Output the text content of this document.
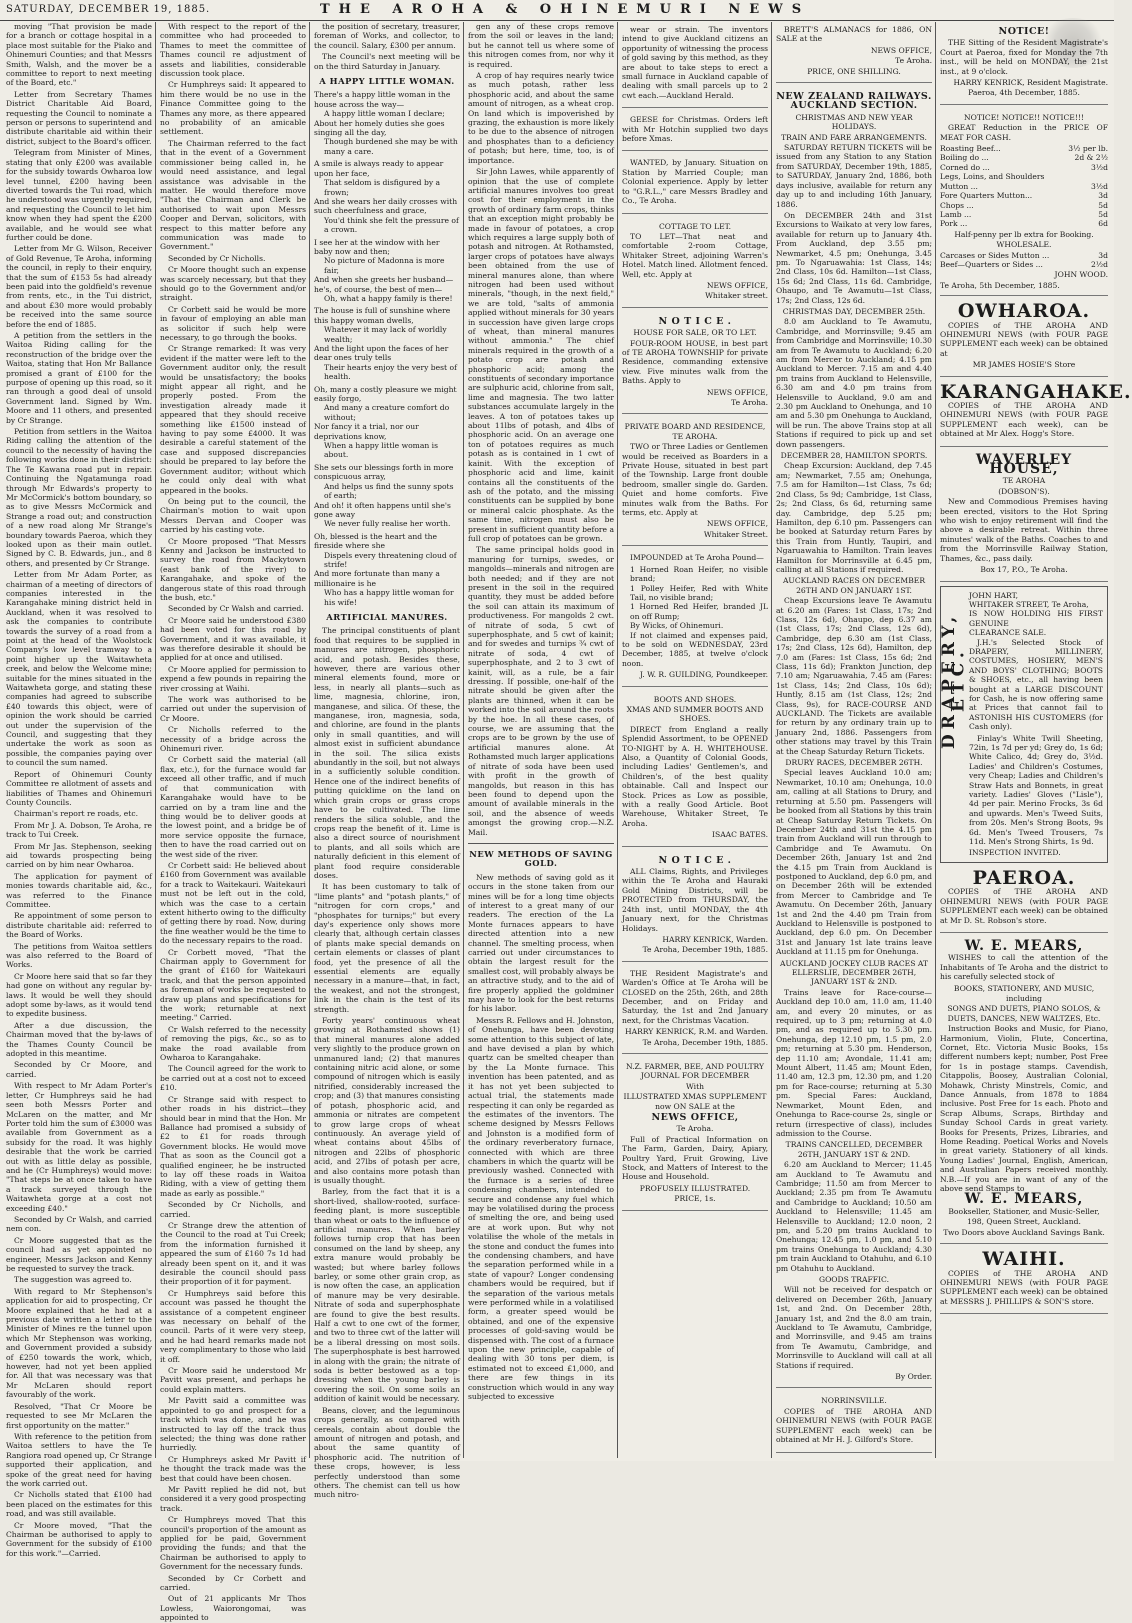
SATURDAY, DECEMBER 19, 1885.	THE AROHA & OHINEMURI NEWS

moving "That provision be made for a branch or cottage hospital in a place most suitable for the Piako and Ohinemuri Counties; and that Messrs Smith, Walsh, and the mover be a committee to report to next meeting of the Board, etc."

Letter from Secretary Thames District Charitable Aid Board, requesting the Council to nominate a person or persons to superintend and distribute charitable aid within their district, subject to the Board's officer.

Telegram from Minister of Mines, stating that only £200 was available for the subsidy towards Owharoa low level tunnel, £200 having been diverted towards the Tui road, which he understood was urgently required, and requesting the Council to let him know when they had spent the £200 available, and he would see what further could be done.

Letter from Mr G. Wilson, Receiver of Gold Revenue, Te Aroha, informing the council, in reply to their enquiry, that the sum of £153 5s had already been paid into the goldfield's revenue from rents, etc., in the Tui district, and about £30 more would probably be received into the same source before the end of 1885.

A petition from the settlers in the Waitoa Riding calling for the reconstruction of the bridge over the Waitoa, stating that Hon Mr Ballance promised a grant of £100 for the purpose of opening up this road, so it ran through a good deal of unsold Government land. Signed by Wm. Moore and 11 others, and presented by Cr Strange.

Petition from settlers in the Waitoa Riding calling the attention of the council to the necessity of having the following works done in their district: The Te Kawana road put in repair. Continuing the Ngatamunga road through Mr Edwards's property to Mr McCormick's bottom boundary, so as to give Messrs McCormick and Strange a road out; and construction of a new road along Mr Strange's boundary towards Paeroa, which they looked upon as their main outlet. Signed by C. B. Edwards, jun., and 8 others, and presented by Cr Strange.

Letter from Mr Adam Porter, as chairman of a meeting of directors of companies interested in the Karangahake mining district held in Auckland, when it was resolved to ask the companies to contribute towards the survey of a road from a point at the head of the Woolstock Company's low level tramway to a point higher up the Waitawheta creek, and below the Welcome mine; suitable for the mines situated in the Waitawheta gorge, and stating these companies had agreed to subscribe £40 towards this object, were of opinion the work should be carried out under the supervision of the Council, and suggesting that they undertake the work as soon as possible, the companies paying over to council the sum named.

Report of Ohinemuri County Committee re allotment of assets and liabilities of Thames and Ohinemuri County Councils.

Chairman's report re roads, etc.

From Mr J. A. Dobson, Te Aroha, re track to Tui Creek.

From Mr Jas. Stephenson, seeking aid towards prospecting being carried on by him near Owharoa.

The application for payment of monies towards charitable aid, &c., was referred to the Finance Committee.

Re appointment of some person to distribute charitable aid: referred to the Board of Works.

The petitions from Waitoa settlers was also referred to the Board of Works.

Cr Moore here said that so far they had gone on without any regular by-laws. It would be well they should adopt some by-laws, as it would tend to expedite business.

After a due discussion, the Chairman moved that the by-laws of the Thames County Council be adopted in this meantime.

Seconded by Cr Moore, and carried.

With respect to Mr Adam Porter's letter, Cr Humphreys said he had seen both Messrs Porter and McLaren on the matter, and Mr Porter told him the sum of £3000 was available from Government as a subsidy for the road. It was highly desirable that the work be carried out with as little delay as possible, and he (Cr Humphreys) would move: "That steps be at once taken to have a track surveyed through the Waitawheta gorge at a cost not exceeding £40."

Seconded by Cr Walsh, and carried nem con.

Cr Moore suggested that as the council had as yet appointed no engineer, Messrs Jackson and Kenny be requested to survey the track.

The suggestion was agreed to.

With regard to Mr Stephenson's application for aid to prospecting, Cr Moore explained that he had at a previous date written a letter to the Minister of Mines re the tunnel upon which Mr Stephenson was working, and Government provided a subsidy of £250 towards the work, which, however, had not yet been applied for. All that was necessary was that Mr McLaren should report favourably of the work.

Resolved, "That Cr Moore be requested to see Mr McLaren the first opportunity on the matter."

With reference to the petition from Waitoa settlers to have the Te Rangiora road opened up, Cr Strange supported their application, and spoke of the great need for having the work carried out.

Cr Nicholls stated that £100 had been placed on the estimates for this road, and was still available.

Cr Moore moved, "That the Chairman be authorised to apply to Government for the subsidy of £100 for this work."—Carried.

With respect to the report of the committee who had proceeded to Thames to meet the committee of Thames council re adjustment of assets and liabilities, considerable discussion took place.

Cr Humphreys said: It appeared to him there would be no use in the Finance Committee going to the Thames any more, as there appeared no probability of an amicable settlement.

The Chairman referred to the fact that in the event of a Government commissioner being called in, he would need assistance, and legal assistance was advisable in the matter. He would therefore move "That the Chairman and Clerk be authorised to wait upon Messrs Cooper and Dervan, solicitors, with respect to this matter before any communication was made to Government."

Seconded by Cr Nicholls.

Cr Moore thought such an expense was scarcely necessary, but that they should go to the Government and/or straight.

Cr Corbett said he would be more in favour of employing an able man as solicitor if such help were necessary, to go through the books.

Cr Strange remarked: It was very evident if the matter were left to the Government auditor only, the result would be unsatisfactory; the books might appear all right, and he properly posted. From the investigation already made it appeared that they should receive something like £1500 instead of having to pay some £4000. It was desirable a careful statement of the case and supposed discrepancies should be prepared to lay before the Government auditor; without which he could only deal with what appeared in the books.

On being put to the council, the Chairman's motion to wait upon Messrs Dervan and Cooper was carried by his casting vote.

Cr Moore proposed "That Messrs Kenny and Jackson be instructed to survey the road from Mackytown (east bank of the river) to Karangahake, and spoke of the dangerous state of this road through the bush, etc."

Seconded by Cr Walsh and carried.

Cr Moore said he understood £380 had been voted for this road by Government, and it was available, it was therefore desirable it should be applied for at once and utilised.

Cr Moore applied for permission to expend a few pounds in repairing the river crossing at Waihi.

The work was authorised to be carried out under the supervision of Cr Moore.

Cr Nicholls referred to the necessity of a bridge across the Ohinemuri river.

Cr Corbett said the material (all flax, etc.), for the furnace would far exceed all other traffic, and if much of that communication with Karangahake would have to be carried on by a tram line and the thing would be to deliver goods at the lowest point, and a bridge be of more service opposite the furnace, then to have the road carried out on the west side of the river.

Cr Corbett said: He believed about £160 from Government was available for a track to Waitekauri. Waitekauri must not be left out in the cold, which was the case to a certain extent hitherto owing to the difficulty of getting there by road. Now, during the fine weather would be the time to do the necessary repairs to the road.

Cr Corbett moved, "That the Chairman apply to Government for the grant of £160 for Waitekauri track, and that the person appointed as foreman of works be requested to draw up plans and specifications for the work; returnable at next meeting." Carried.

Cr Walsh referred to the necessity of removing the pigs, &c., so as to make the road available from Owharoa to Karangahake.

The Council agreed for the work to be carried out at a cost not to exceed £10.

Cr Strange said with respect to other roads in his district—they should bear in mind that the Hon. Mr Ballance had promised a subsidy of £2 to £1 for roads through Government blocks. He would move That as soon as the Council got a qualified engineer, he be instructed to lay off these roads in Waitoa Riding, with a view of getting them made as early as possible."

Seconded by Cr Nicholls, and carried.

Cr Strange drew the attention of the Council to the road at Tui Creek; from the information furnished it appeared the sum of £160 7s 1d had already been spent on it, and it was desirable the council should pass their proportion of it for payment.

Cr Humphreys said before this account was passed he thought the assistance of a competent engineer was necessary on behalf of the council. Parts of it were very steep, and he had heard remarks made not very complimentary to those who laid it off.

Cr Moore said he understood Mr Pavitt was present, and perhaps he could explain matters.

Mr Pavitt said a committee was appointed to go and prospect for a track which was done, and he was instructed to lay off the track thus selected; the thing was done rather hurriedly.

Cr Humphreys asked Mr Pavitt if he thought the track made was the best that could have been chosen.

Mr Pavitt replied he did not, but considered it a very good prospecting track.

Cr Humphreys moved That this council's proportion of the amount as applied for be paid, Government providing the funds; and that the Chairman be authorised to apply to Government for the necessary funds.

Seconded by Cr Corbett and carried.

Out of 21 applicants Mr Thos Lowless, Waiorongomai, was appointed to

the position of secretary, treasurer, foreman of Works, and collector, to the council. Salary, £300 per annum.

The Council's next meeting will be on the third Saturday in January.

A HAPPY LITTLE WOMAN.
There's a happy little woman in the house across the way—
A happy little woman I declare;
About her homely duties she goes singing all the day,
Though burdened she may be with many a care.
A smile is always ready to appear upon her face,
That seldom is disfigured by a frown;
And she wears her daily crosses with such cheerfulness and grace,
You'd think she felt the pressure of a crown.
I see her at the window with her baby now and then;
No picture of Madonna is more fair,
And when she greets her husband—he's, of course, the best of men—
Oh, what a happy family is there!
The house is full of sunshine where this happy woman dwells,
Whatever it may lack of worldly wealth;
And the light upon the faces of her dear ones truly tells
Their hearts enjoy the very best of health.
Oh, many a costly pleasure we might easily forgo,
And many a creature comfort do without;
Nor fancy it a trial, nor our deprivations know,
When a happy little woman is about.
She sets our blessings forth in more conspicuous array,
And helps us find the sunny spots of earth;
And oh! it often happens until she's gone away
We never fully realise her worth.
Oh, blessed is the heart and the fireside where she
Dispels every threatening cloud of strife!
And more fortunate than many a millionaire is he
Who has a happy little woman for his wife!
ARTIFICIAL MANURES.

The principal constituents of plant food that requires to be supplied in manures are nitrogen, phosphoric acid, and potash. Besides these, however, there are various other mineral elements found, more or less, in nearly all plants—such as lime, magnesia, chlorine, iron, manganese, and silica. Of these, the manganese, iron, magnesia, soda, and chlorine, are found in the plants only in small quantities, and will almost exist in sufficient abundance in the soil. The silica exists abundantly in the soil, but not always in a sufficiently soluble condition. Hence one of the indirect benefits of putting quicklime on the land on which grain crops or grass crops have to be cultivated. The lime renders the silica soluble, and the crops reap the benefit of it. Lime is also a direct source of nourishment to plants, and all soils which are naturally deficient in this element of plant food require considerable doses.

It has been customary to talk of "lime plants" and "potash plants," of "nitrogen for corn crops," and "phosphates for turnips;" but every day's experience only shows more clearly that, although certain classes of plants make special demands on certain elements or classes of plant food, yet the presence of all the essential elements are equally necessary in a manure—that, in fact, the weakest, and not the strongest, link in the chain is the test of its strength.

Forty years' continuous wheat growing at Rothamsted shows (1) that mineral manures alone added very slightly to the produce grown on unmanured land; (2) that manures containing nitric acid alone, or some compound of nitrogen which is easily nitrified, considerably increased the crop; and (3) that manures consisting of potash, phosphoric acid, and ammonia or nitrates are competent to grow large crops of wheat continuously. An average yield of wheat contains about 45lbs of nitrogen and 22lbs of phosphoric acid, and 27lbs of potash per acre, and also contains more potash than is usually thought.

Barley, from the fact that it is a short-lived, shallow-rooted, surface-feeding plant, is more susceptible than wheat or oats to the influence of artificial manures. When barley follows turnip crop that has been consumed on the land by sheep, any extra manure would probably be wasted; but where barley follows barley, or some other grain crop, as is now often the case, an application of manure may be very desirable. Nitrate of soda and superphosphate are found to give the best results. Half a cwt to one cwt of the former, and two to three cwt of the latter will be a liberal dressing on most soils. The superphosphate is best harrowed in along with the grain; the nitrate of soda is better bestowed as a top-dressing when the young barley is covering the soil. On some soils an addition of kainit would be necessary.

Beans, clover, and the leguminous crops generally, as compared with cereals, contain about double the amount of nitrogen and potash, and about the same quantity of phosphoric acid. The nutrition of these crops, however, is less perfectly understood than some others. The chemist can tell us how much nitro-

gen any of these crops remove from the soil or leaves in the land; but he cannot tell us where some of this nitrogen comes from, nor why it is required.

A crop of hay requires nearly twice as much potash, rather less phosphoric acid, and about the same amount of nitrogen, as a wheat crop. On land which is impoverished by grazing, the exhaustion is more likely to be due to the absence of nitrogen and phosphates than to a deficiency of potash; but here, time, too, is of importance.

Sir John Lawes, while apparently of opinion that the use of complete artificial manures involves too great cost for their employment in the growth of ordinary farm crops, thinks that an exception might probably be made in favour of potatoes, a crop which requires a large supply both of potash and nitrogen. At Rothamsted, larger crops of potatoes have always been obtained from the use of mineral manures alone, than where nitrogen had been used without minerals, "though, in the next field," we are told, "salts of ammonia applied without minerals for 30 years in succession have given large crops of wheat, than mineral manures without ammonia." The chief minerals required in the growth of a potato crop are potash and phosphoric acid; among the constituents of secondary importance are sulphuric acid, chlorine from salt, lime and magnesia. The two latter substances accumulate largely in the leaves. A ton of potatoes takes up about 11lbs of potash, and 4lbs of phosphoric acid. On an average one ton of potatoes requires as much potash as is contained in 1 cwt of kainit. With the exception of phosphoric acid and lime, kainit contains all the constituents of the ash of the potato, and the missing constituents can be supplied by bone or mineral calcic phosphate. As the same time, nitrogen must also be present in sufficient quantity before a full crop of potatoes can be grown.

The same principal holds good in manuring for turnips, swedes, or mangolds—minerals and nitrogen are both needed; and if they are not present in the soil in the required quantity, they must be added before the soil can attain its maximum of productiveness. For mangolds 2 cwt. of nitrate of soda, 5 cwt of superphosphate, and 5 cwt of kainit; and for swedes and turnips ¾ cwt of nitrate of soda, 4 cwt of superphosphate, and 2 to 3 cwt of kainit, will, as a rule, be a fair dressing. If possible, one-half of the nitrate should be given after the plants are thinned, when it can be worked into the soil around the roots by the hoe. In all these cases, of course, we are assuming that the crops are to be grown by the use of artificial manures alone. At Rothamsted much larger applications of nitrate of soda have been used with profit in the growth of mangolds, but reason in this has been found to depend upon the amount of available minerals in the soil, and the absence of weeds amongst the growing crop.—N.Z. Mail.

NEW METHODS OF SAVING GOLD.

New methods of saving gold as it occurs in the stone taken from our mines will be for a long time objects of interest to a great many of our readers. The erection of the La Monte furnaces appears to have directed attention into a new channel. The smelting process, when carried out under circumstances to obtain the largest result for the smallest cost, will probably always be an attractive study, and to the aid of fire properly applied the goldminer may have to look for the best returns for his labor.

Messrs R. Fellows and H. Johnston, of Onehunga, have been devoting some attention to this subject of late, and have devised a plan by which quartz can be smelted cheaper than by the La Monte furnace. This invention has been patented, and as it has not yet been subjected to actual trial, the statements made respecting it can only be regarded as the estimates of the inventors. The scheme designed by Messrs Fellows and Johnston is a modified form of the ordinary reverberatory furnace, connected with which are three chambers in which the quartz will be previously washed. Connected with the furnace is a series of three condensing chambers, intended to secure and condense any fuel which may be volatilised during the process of smelting the ore, and being used are at work upon. But why not volatilise the whole of the metals in the stone and conduct the fumes into the condensing chambers, and have the separation performed while in a state of vapour? Longer condensing chambers would be required, but if the separation of the various metals were performed while in a volatilised form, a greater speed would be obtained, and one of the expensive processes of gold-saving would be dispensed with. The cost of a furnace upon the new principle, capable of dealing with 30 tons per diem, is estimated not to exceed £1,000, and there are few things in its construction which would in any way subjected to excessive

wear or strain. The inventors intend to give Auckland citizens an opportunity of witnessing the process of gold saving by this method, as they are about to take steps to erect a small furnace in Auckland capable of dealing with small parcels up to 2 cwt each.—Auckland Herald.

GEESE for Christmas. Orders left with Mr Hotchin supplied two days before Xmas.

WANTED, by January. Situation on Station by Married Couple; man Colonial experience. Apply by letter to "G.R.L.," care Messrs Bradley and Co., Te Aroha.

COTTAGE TO LET.

TO LET—That neat and comfortable 2-room Cottage, Whitaker Street, adjoining Warren's Hotel. Match lined. Allotment fenced. Well, etc. Apply at

NEWS OFFICE,
Whitaker street.
N O T I C E .
HOUSE FOR SALE, OR TO LET.

FOUR-ROOM HOUSE, in best part of TE AROHA TOWNSHIP for private Residence, commanding extensive view. Five minutes walk from the Baths. Apply to

NEWS OFFICE,
Te Aroha.
PRIVATE BOARD AND RESIDENCE, TE AROHA.

TWO or Three Ladies or Gentlemen would be received as Boarders in a Private House, situated in best part of the Township. Large front double bedroom, smaller single do. Garden. Quiet and home comforts. Five minutes walk from the Baths. For terms, etc. Apply at

NEWS OFFICE,
Whitaker Street.

IMPOUNDED at Te Aroha Pound—

1 Horned Roan Heifer, no visible brand;
1 Polley Heifer, Red with White Tail, no visible brand;
1 Horned Red Heifer, branded JL on off Rump;
By Wicks, of Ohinemuri.

If not claimed and expenses paid, to be sold on WEDNESDAY, 23rd December, 1885, at twelve o'clock noon.

J. W. R. GUILDING, Poundkeeper.
BOOTS AND SHOES.
XMAS AND SUMMER BOOTS AND SHOES.

DIRECT from England a really Splendid Assortment, to be OPENED TO-NIGHT by A. H. WHITEHOUSE. Also, a Quantity of Colonial Goods, including Ladies' Gentlemen's, and Children's, of the best quality obtainable. Call and Inspect our Stock. Prices as Low as possible, with a really Good Article. Boot Warehouse, Whitaker Street, Te Aroha.

ISAAC BATES.
N O T I C E .

ALL Claims, Rights, and Privileges within the Te Aroha and Hauraki Gold Mining Districts, will be PROTECTED from THURSDAY, the 24th inst, until MONDAY, the 4th January next, for the Christmas Holidays.

HARRY KENRICK, Warden.
Te Aroha, December 19th, 1885.

THE Resident Magistrate's and Warden's Office at Te Aroha will be CLOSED on the 25th, 26th, and 28th December, and on Friday and Saturday, the 1st and 2nd January next, for the Christmas Vacation.

HARRY KENRICK, R.M. and Warden.
Te Aroha, December 19th, 1885.
N.Z. FARMER, BEE, AND POULTRY JOURNAL FOR DECEMBER
With
ILLUSTRATED XMAS SUPPLEMENT now ON SALE at the
NEWS OFFICE,
Te Aroha.

Full of Practical Information on The Farm, Garden, Dairy, Apiary, Poultry Yard, Fruit Growing, Live Stock, and Matters of Interest to the House and Household.

PROFUSELY ILLUSTRATED.
PRICE, 1s.

BRETT'S ALMANACS for 1886, ON SALE at the

NEWS OFFICE,
Te Aroha.
PRICE, ONE SHILLING.
NEW ZEALAND RAILWAYS. AUCKLAND SECTION.
CHRISTMAS AND NEW YEAR HOLIDAYS.
TRAIN AND FARE ARRANGEMENTS.

SATURDAY RETURN TICKETS will be issued from any Station to any Station from SATURDAY, December 19th, 1885, to SATURDAY, January 2nd, 1886, both days inclusive, available for return any day up to and including 16th January, 1886.

On DECEMBER 24th and 31st Excursions to Waikato at very low fares, available for return up to January 4th. From Auckland, dep 3.55 pm; Newmarket, 4.5 pm; Onehunga, 3.45 pm. To Ngaruawahia: 1st Class, 14s; 2nd Class, 10s 6d. Hamilton—1st Class, 15s 6d; 2nd Class, 11s 6d. Cambridge, Ohaupo, and Te Awamutu—1st Class, 17s; 2nd Class, 12s 6d.

CHRISTMAS DAY, DECEMBER 25th.

8.0 am Auckland to Te Awamutu, Cambridge, and Morrinsville; 9.45 am from Cambridge and Morrinsville; 10.30 am from Te Awamutu to Auckland; 6.20 am from Mercer to Auckland; 4.15 pm Auckland to Mercer. 7.15 am and 4.40 pm trains from Auckland to Helensville, 6.30 am and 4.0 pm trains from Helensville to Auckland, 9.0 am and 2.30 pm Auckland to Onehunga, and 10 am and 5.30 pm Onehunga to Auckland, will be run. The above Trains stop at all Stations if required to pick up and set down passengers.

DECEMBER 28, HAMILTON SPORTS.

Cheap Excursion: Auckland, dep 7.45 am; Newmarket, 7.55 am; Onehunga, 7.5 am for Hamilton—1st Class, 7s 6d; 2nd Class, 5s 9d; Cambridge, 1st Class, 2s; 2nd Class, 6s 6d, returning same day. Cambridge, dep 5.25 pm; Hamilton, dep 6.10 pm. Passengers can be booked at Saturday return Fares by this Train from Huntly, Taupiri, and Ngaruawahia to Hamilton. Train leaves Hamilton for Morrinsville at 6.45 pm, calling at all Stations if required.

AUCKLAND RACES ON DECEMBER 26TH AND ON JANUARY 1ST.

Cheap Excursions leave Te Awamutu at 6.20 am (Fares: 1st Class, 17s; 2nd Class, 12s 6d), Ohaupo, dep 6.37 am (1st Class, 17s; 2nd Class, 12s 6d), Cambridge, dep 6.30 am (1st Class, 17s; 2nd Class, 12s 6d), Hamilton, dep 7.0 am (Fares: 1st Class, 15s 6d; 2nd Class, 11s 6d); Frankton Junction, dep 7.10 am; Ngaruawahia, 7.45 am (Fares: 1st Class, 14s; 2nd Class, 10s 6d); Huntly, 8.15 am (1st Class, 12s; 2nd Class, 9s), for RACE-COURSE AND AUCKLAND. The Tickets are available for return by any ordinary train up to January 2nd, 1886. Passengers from other stations may travel by this Train at the Cheap Saturday Return Tickets.

DRURY RACES, DECEMBER 26TH.

Special leaves Auckland 10.0 am; Newmarket, 10.10 am; Onehunga, 10.0 am, calling at all Stations to Drury, and returning at 5.50 pm. Passengers will be booked from all Stations by this train at Cheap Saturday Return Tickets. On December 24th and 31st the 4.15 pm train from Auckland will run through to Cambridge and Te Awamutu. On December 26th, January 1st and 2nd the 4.15 pm Train from Auckland is postponed to Auckland, dep 6.0 pm, and on December 26th will be extended from Mercer to Cambridge and Te Awamutu. On December 26th, January 1st and 2nd the 4.40 pm Train from Auckland to Helensville is postponed to Auckland, dep 6.0 pm. On December 31st and January 1st late trains leave Auckland at 11.15 pm for Onehunga.

AUCKLAND JOCKEY CLUB RACES AT ELLERSLIE, DECEMBER 26TH, JANUARY 1ST & 2ND.

Trains leave for Race-course—Auckland dep 10.0 am, 11.0 am, 11.40 am, and every 20 minutes, or as required, up to 3 pm; returning at 4.0 pm, and as required up to 5.30 pm. Onehunga, dep 12.10 pm, 1.5 pm, 2.0 pm; returning at 5.30 pm. Henderson, dep 11.10 am; Avondale, 11.41 am; Mount Albert, 11.45 am; Mount Eden, 11.40 am, 12.3 pm, 12.30 pm, and 1.20 pm for Race-course; returning at 5.30 pm. Special Fares: Auckland, Newmarket, Mount Eden, and Onehunga to Race-course 2s, single or return (irrespective of class), includes admission to the Course.

TRAINS CANCELLED, DECEMBER 26TH, JANUARY 1ST & 2ND.

6.20 am Auckland to Mercer; 11.45 am Auckland to Te Awamutu and Cambridge; 11.50 am from Mercer to Auckland; 2.35 pm from Te Awamutu and Cambridge to Auckland; 10.50 am Auckland to Helensville; 11.45 am Helensville to Auckland; 12.0 noon, 2 pm, and 5.20 pm trains Auckland to Onehunga; 12.45 pm, 1.0 pm, and 5.10 pm trains Onehunga to Auckland; 4.30 pm train Auckland to Otahuhu, and 6.10 pm Otahuhu to Auckland.

GOODS TRAFFIC.

Will not be received for despatch or delivered on December 26th, January 1st, and 2nd. On December 28th, January 1st, and 2nd the 8.0 am train, Auckland to Te Awamutu, Cambridge, and Morrinsville, and 9.45 am trains from Te Awamutu, Cambridge, and Morrinsville to Auckland will call at all Stations if required.

By Order.
NORRINSVILLE.

COPIES of THE AROHA AND OHINEMURI NEWS (with FOUR PAGE SUPPLEMENT each week) can be obtained at Mr H. J. Gilford's Store.

NOTICE!

THE Sitting of the Resident Magistrate's Court at Paeroa, fixed for Monday the 7th inst., will be held on MONDAY, the 21st inst., at 9 o'clock.

HARRY KENRICK, Resident Magistrate.
Paeroa, 4th December, 1885.
NOTICE! NOTICE!! NOTICE!!!

GREAT Reduction in the PRICE OF MEAT FOR CASH.

Roasting Beef...	3½ per lb.
Boiling do ...	2d & 2½
Corned do ...	3½d
Legs, Loins, and Shoulders
Mutton ...	3½d
Fore Quarters Mutton...	3d
Chops ...	5d
Lamb ...	5d
Pork ...	6d
Half-penny per lb extra for Booking.
WHOLESALE.
Carcases or Sides Mutton ...	3d
Beef—Quarters or Sides ...	2½d
JOHN WOOD.
Te Aroha, 5th December, 1885.
OWHAROA.

COPIES of THE AROHA AND OHINEMURI NEWS (with FOUR PAGE SUPPLEMENT each week) can be obtained at

MR JAMES HOSIE'S Store
KARANGAHAKE.

COPIES of THE AROHA AND OHINEMURI NEWS (with FOUR PAGE SUPPLEMENT each week), can be obtained at Mr Alex. Hogg's Store.

WAVERLEY HOUSE,
TE AROHA
(DOBSON'S).

New and Commodious Premises having been erected, visitors to the Hot Spring who wish to enjoy retirement will find the above a desirable retreat. Within three minutes' walk of the Baths. Coaches to and from the Morrinsville Railway Station, Thames, &c., pass daily.

Box 17, P.O., Te Aroha.
DRAPERY, ETC.
JOHN HART,
WHITAKER STREET, Te Aroha,
IS NOW HOLDING HIS FIRST GENUINE
CLEARANCE SALE.

J.H.'s Selected Stock of DRAPERY, MILLINERY, COSTUMES, HOSIERY, MEN'S AND BOYS' CLOTHING; BOOTS & SHOES, etc., all having been bought at a LARGE DISCOUNT for Cash, he is now offering same at Prices that cannot fail to ASTONISH HIS CUSTOMERS (for Cash only).

Finlay's White Twill Sheeting, 72in, 1s 7d per yd; Grey do, 1s 6d; White Calico, 4d; Grey do, 3½d. Ladies' and Children's Costumes, very Cheap; Ladies and Children's Straw Hats and Bonnets, in great variety. Ladies' Gloves ("Lisle"), 4d per pair. Merino Frocks, 3s 6d and upwards. Men's Tweed Suits, from 20s. Men's Strong Boots, 9s 6d. Men's Tweed Trousers, 7s 11d. Men's Strong Shirts, 1s 9d.

INSPECTION INVITED.
PAEROA.

COPIES of THE AROHA AND OHINEMURI NEWS (with FOUR PAGE SUPPLEMENT each week) can be obtained at Mr D. St. Robson's store.

W. E. MEARS,

WISHES to call the attention of the Inhabitants of Te Aroha and the district to his carefully selected stock of

BOOKS, STATIONERY, AND MUSIC,
including
SONGS AND DUETS, PIANO SOLOS, & DUETS, DANCES, NEW WALTZES, Etc.

Instruction Books and Music, for Piano, Harmonium, Violin, Flute, Concertina, Cornet, Etc. Victoria Music Books, 15s different numbers kept; number, Post Free for 1s in postage stamps. Cavendish, Citappolis, Boosey, Australian Colonial, Mohawk, Christy Minstrels, Comic, and Dance Annuals, from 1878 to 1884 inclusive. Post Free for 1s each. Photo and Scrap Albums, Scraps, Birthday and Sunday School Cards in great variety. Books for Presents, Prizes, Libraries, and Home Reading. Poetical Works and Novels in great variety. Stationery of all kinds. Young Ladies' Journal, English, American, and Australian Papers received monthly. N.B.—If you are in want of any of the above send Stamps to

W. E. MEARS,
Bookseller, Stationer, and Music-Seller,
198, Queen Street, Auckland.
Two Doors above Auckland Savings Bank.
WAIHI.

COPIES of THE AROHA AND OHINEMURI NEWS (with FOUR PAGE SUPPLEMENT each week) can be obtained at MESSRS J. PHILLIPS & SON'S store.
